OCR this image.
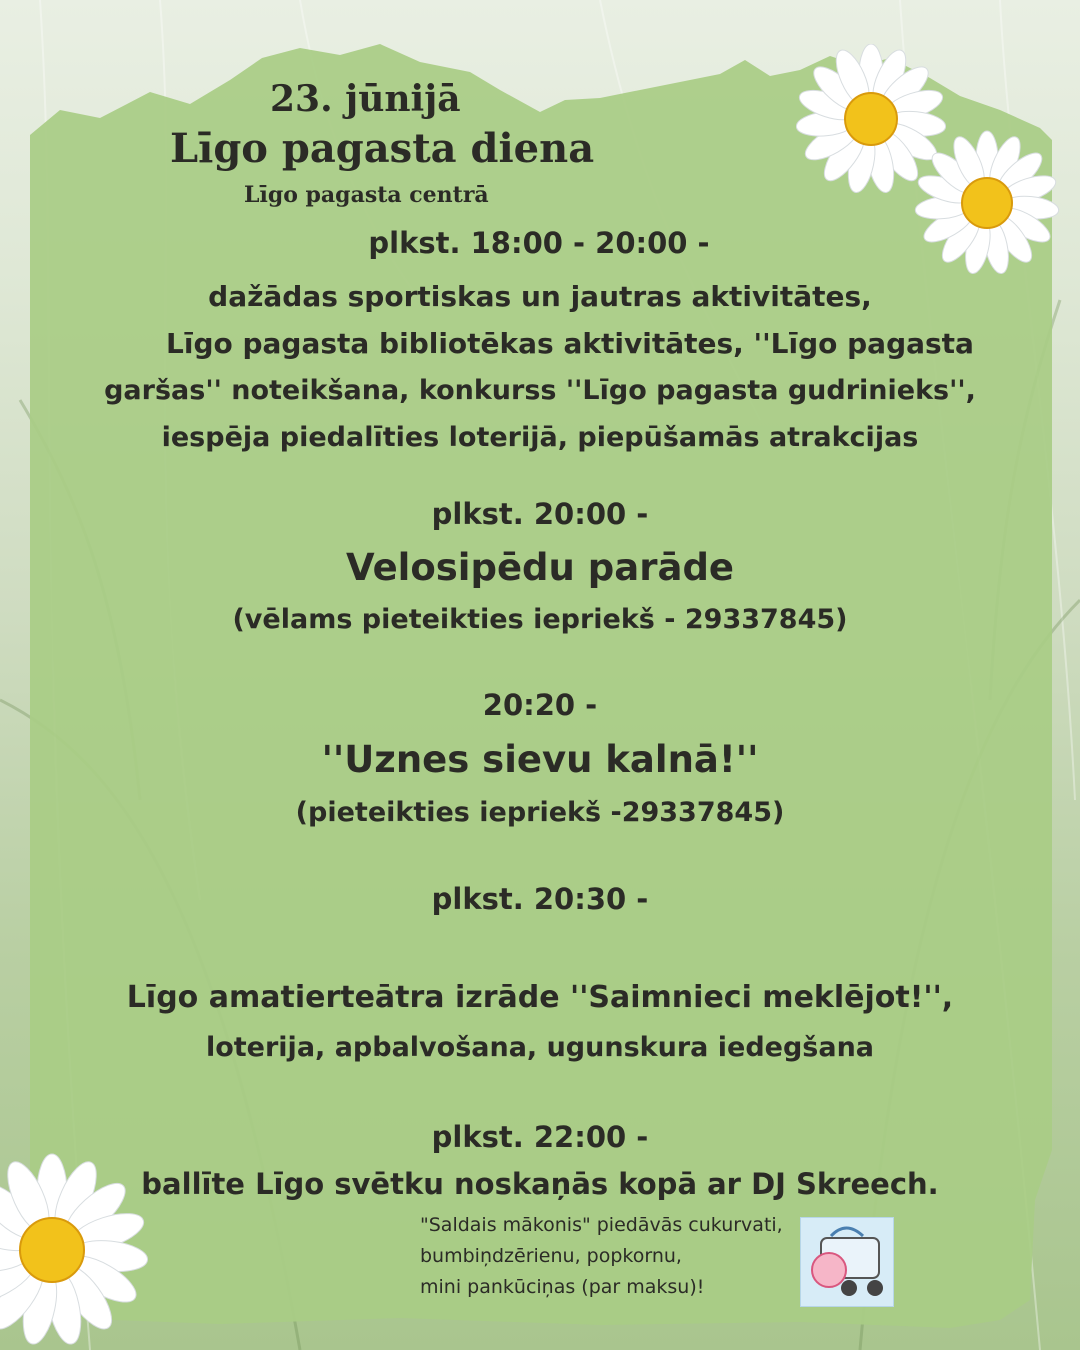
23. jūnijā

Līgo pagasta diena

Līgo pagasta centrā

plkst. 18:00 - 20:00 -

dažādas sportiskas un jautras aktivitātes,

Līgo pagasta bibliotēkas aktivitātes, ''Līgo pagasta

garšas'' noteikšana, konkurss ''Līgo pagasta gudrinieks'',

iespēja piedalīties loterijā, piepūšamās atrakcijas

plkst. 20:00 -

Velosipēdu parāde

(vēlams pieteikties iepriekš - 29337845)

20:20 -

''Uznes sievu kalnā!''

(pieteikties iepriekš -29337845)

plkst. 20:30 -

Līgo amatierteātra izrāde ''Saimnieci meklējot!'',

loterija, apbalvošana, ugunskura iedegšana

plkst. 22:00 -

ballīte Līgo svētku noskaņās kopā ar DJ Skreech.

"Saldais mākonis" piedāvās cukurvati,

bumbiņdzērienu, popkornu,

mini pankūciņas (par maksu)!
